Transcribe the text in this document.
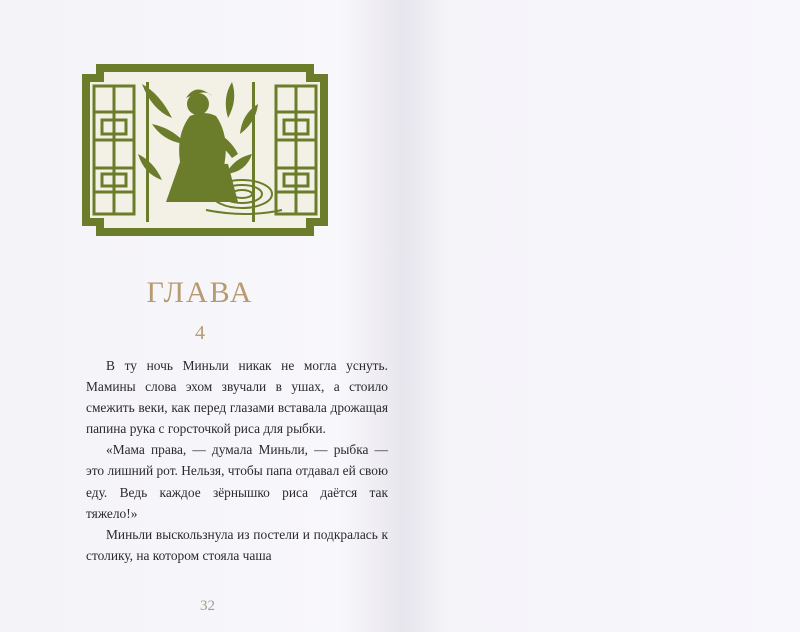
ГЛАВА
4

В ту ночь Миньли никак не могла уснуть. Мамины слова эхом звучали в ушах, а стоило смежить веки, как перед глазами вставала дрожащая папина рука с горсточкой риса для рыбки.

«Мама права, — думала Миньли, — рыбка — это лишний рот. Нельзя, чтобы папа отдавал ей свою еду. Ведь каждое зёрнышко риса даётся так тяжело!»

Миньли выскользнула из постели и подкралась к столику, на котором стояла чаша

32
